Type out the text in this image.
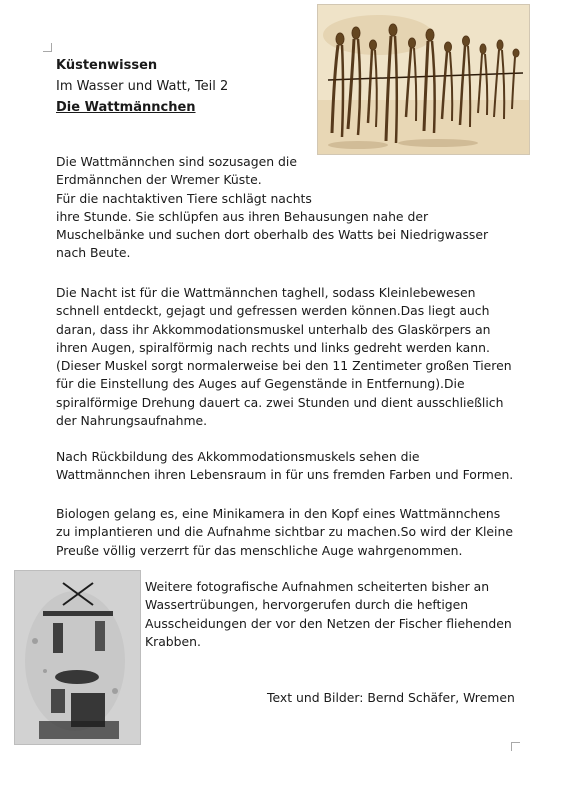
Küstenwissen
Im Wasser und Watt, Teil 2
Die Wattmännchen
Die Wattmännchen sind sozusagen die
Erdmännchen der Wremer Küste.
Für die nachtaktiven Tiere schlägt nachts
ihre Stunde. Sie schlüpfen aus ihren Behausungen nahe der
Muschelbänke und suchen dort oberhalb des Watts bei Niedrigwasser
nach Beute.
Die Nacht ist für die Wattmännchen taghell, sodass Kleinlebewesen
schnell entdeckt, gejagt und gefressen werden können.Das liegt auch
daran, dass ihr Akkommodationsmuskel unterhalb des Glaskörpers an
ihren Augen, spiralförmig nach rechts und links gedreht werden kann.
(Dieser Muskel sorgt normalerweise bei den 11 Zentimeter großen Tieren
für die Einstellung des Auges auf Gegenstände in Entfernung).Die
spiralförmige Drehung dauert ca. zwei Stunden und dient ausschließlich
der Nahrungsaufnahme.
Nach Rückbildung des Akkommodationsmuskels sehen die
Wattmännchen ihren Lebensraum in für uns fremden Farben und Formen.
Biologen gelang es, eine Minikamera in den Kopf eines Wattmännchens
zu implantieren und die Aufnahme sichtbar zu machen.So wird der Kleine
Preuße völlig verzerrt für das menschliche Auge wahrgenommen.
Weitere fotografische Aufnahmen scheiterten bisher an
Wassertrübungen, hervorgerufen durch die heftigen
Ausscheidungen der vor den Netzen der Fischer fliehenden
Krabben.
Text und Bilder: Bernd Schäfer, Wremen
